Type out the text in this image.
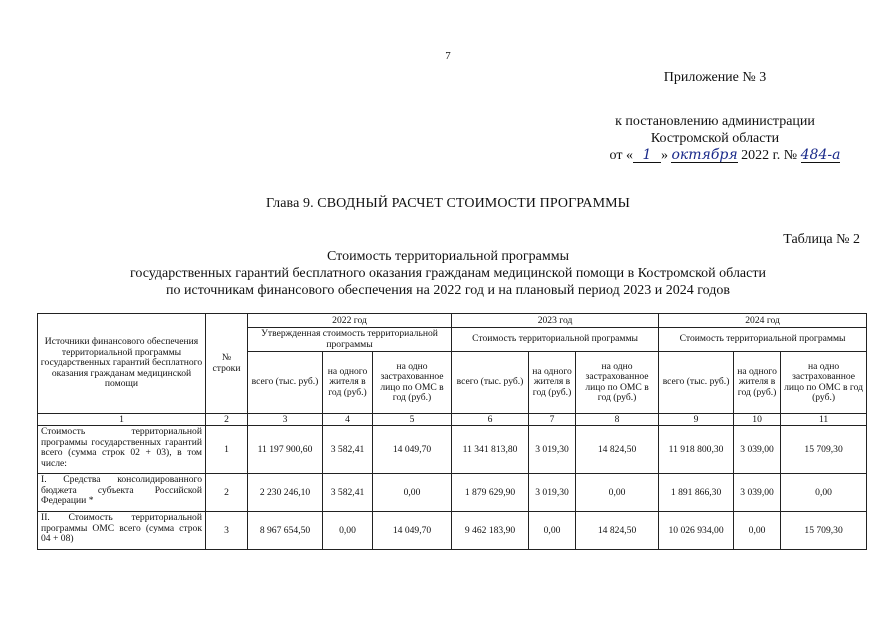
7
Приложение № 3
к постановлению администрации
Костромской области
от « 1 » октября 2022 г. № 484-а
Глава 9. СВОДНЫЙ РАСЧЕТ СТОИМОСТИ ПРОГРАММЫ
Таблица № 2
Стоимость территориальной программы
государственных гарантий бесплатного оказания гражданам медицинской помощи в Костромской области
по источникам финансового обеспечения на 2022 год и на плановый период 2023 и 2024 годов
Источники финансового обеспечения территориальной программы государственных гарантий бесплатного оказания гражданам медицинской помощи	№ строки	2022 год			2023 год			2024 год		
		Утвержденная стоимость территориальной программы			Стоимость территориальной программы			Стоимость территориальной программы		
		всего (тыс. руб.)	на одного жителя в год (руб.)	на одно застрахованное лицо по ОМС в год (руб.)	всего (тыс. руб.)	на одного жителя в год (руб.)	на одно застрахованное лицо по ОМС в год (руб.)	всего (тыс. руб.)	на одного жителя в год (руб.)	на одно застрахованное лицо по ОМС в год (руб.)
1	2	3	4	5	6	7	8	9	10	11
Стоимость территориальной программы государственных гарантий всего (сумма строк 02 + 03), в том числе:	1	11 197 900,60	3 582,41	14 049,70	11 341 813,80	3 019,30	14 824,50	11 918 800,30	3 039,00	15 709,30
I. Средства консолидированного бюджета субъекта Российской Федерации *	2	2 230 246,10	3 582,41	0,00	1 879 629,90	3 019,30	0,00	1 891 866,30	3 039,00	0,00
II. Стоимость территориальной программы ОМС всего (сумма строк 04 + 08)	3	8 967 654,50	0,00	14 049,70	9 462 183,90	0,00	14 824,50	10 026 934,00	0,00	15 709,30
